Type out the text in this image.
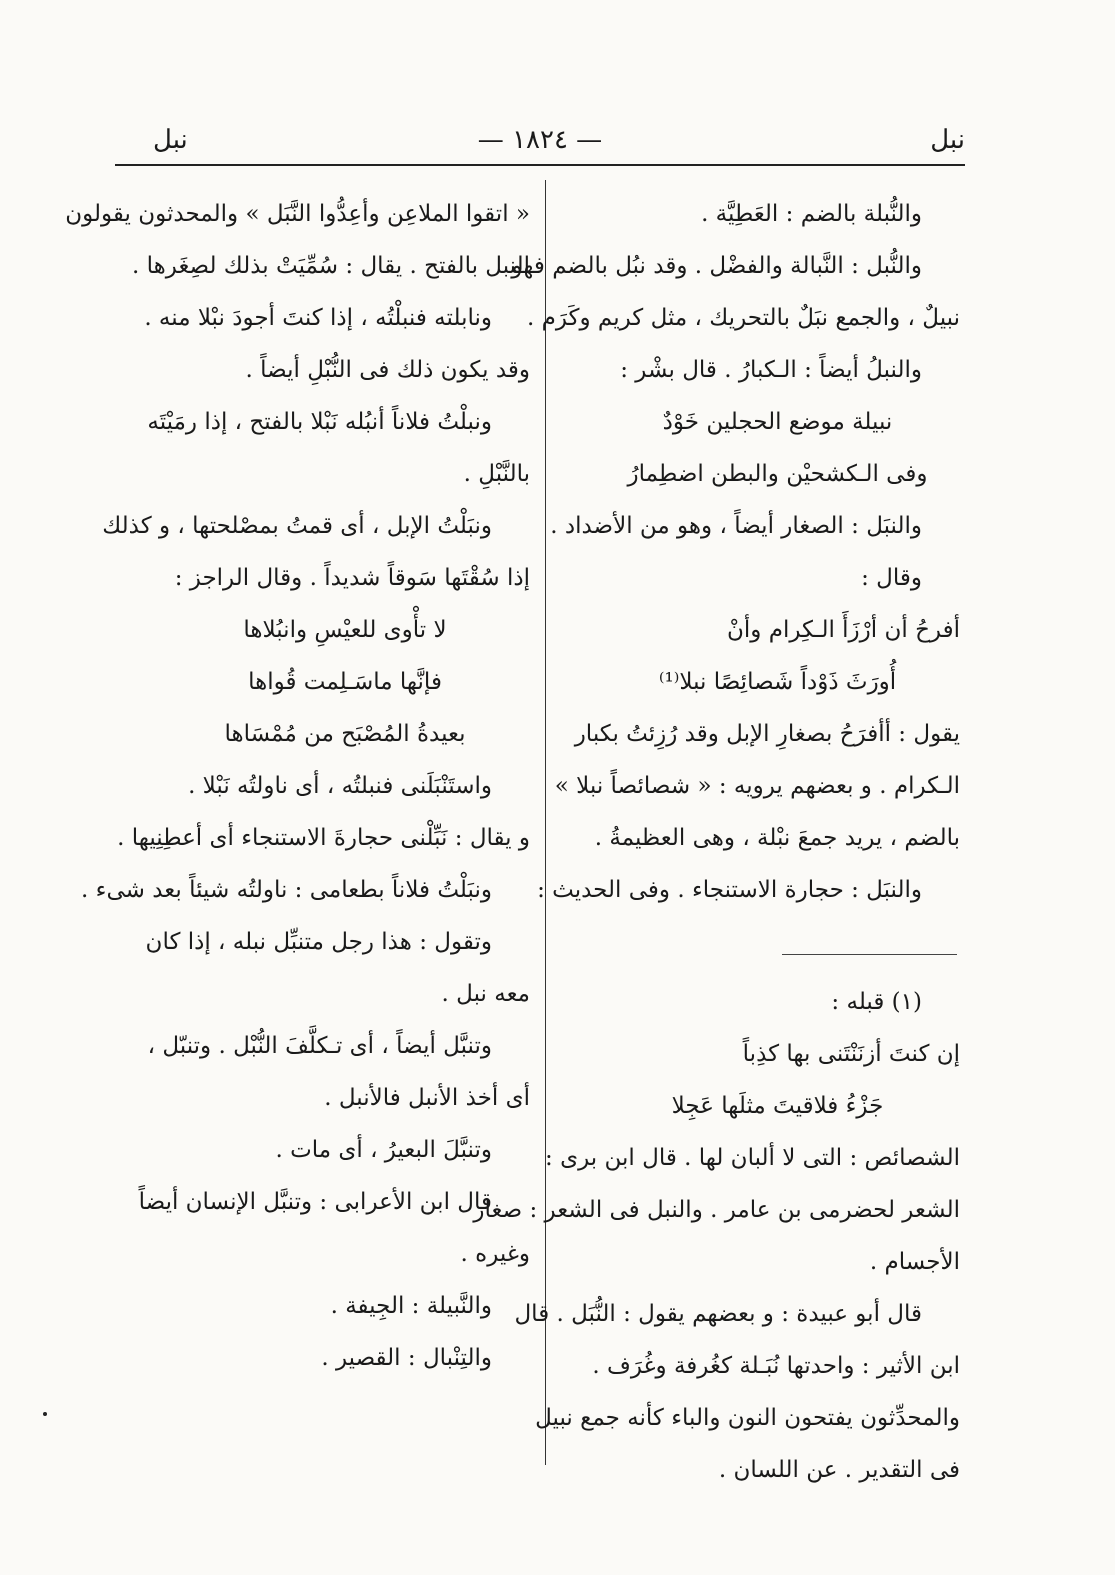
نبل
— ١٨٢٤ —
نبل
والنُّبلة بالضم : العَطِيَّة .
والنُّبل : النَّبالة والفضْل . وقد نبُل بالضم فهو
نبيلٌ ، والجمع نبَلٌ بالتحريك ، مثل كريم وكَرَم .
والنبلُ أيضاً : الـكبارُ . قال بشْر :
نبيلة موضع الحجلين خَوْدٌ
وفى الـكشحيْن والبطن اضطِمارُ
والنبَل : الصغار أيضاً ، وهو من الأضداد .
وقال :
أفرحُ أن أرْزَأَ الـكِرام وأنْ
أُورَثَ ذَوْداً شَصائِصًا نبلا⁽¹⁾
يقول : أأفرَحُ بصغارِ الإبل وقد رُزِئتُ بكبار
الـكرام . و بعضهم يرويه : « شصائصاً نبلا »
بالضم ، يريد جمعَ نبْلة ، وهى العظيمةُ .
والنبَل : حجارة الاستنجاء . وفى الحديث :
(١) قبله :
إن كنتَ أزنَنْتَنى بها كذِباً
جَزْءُ فلاقيتَ مثلَها عَجِلا
الشصائص : التى لا ألبان لها . قال ابن برى :
الشعر لحضرمى بن عامر . والنبل فى الشعر : صغار
الأجسام .
قال أبو عبيدة : و بعضهم يقول : النُّبَل . قال
ابن الأثير : واحدتها نُبَـلة كغُرفة وغُرَف .
والمحدِّثون يفتحون النون والباء كأنه جمع نبيل
فى التقدير . عن اللسان .
« اتقوا الملاعِن وأعِدُّوا النَّبَل » والمحدثون يقولون
النبل بالفتح . يقال : سُمِّيَتْ بذلك لصِغَرها .
ونابلته فنبلْتُه ، إذا كنتَ أجودَ نبْلا منه .
وقد يكون ذلك فى النُّبْلِ أيضاً .
ونبلْتُ فلاناً أنبُله نَبْلا بالفتح ، إذا رمَيْتَه
بالنَّبْلِ .
ونبَلْتُ الإبل ، أى قمتُ بمصْلحتها ، و كذلك
إذا سُقْتَها سَوقاً شديداً . وقال الراجز :
لا تأْوى للعيْسِ وانبُلاها
فإنَّها ماسَـلِمت قُواها
بعيدةُ المُصْبَح من مُمْسَاها
واستَنْبَلَنى فنبلتُه ، أى ناولتُه نَبْلا .
و يقال : نَبِّلْنى حجارةَ الاستنجاء أى أعطِنِيها .
ونبَلْتُ فلاناً بطعامى : ناولتُه شيئاً بعد شىء .
وتقول : هذا رجل متنبِّل نبله ، إذا كان
معه نبل .
وتنبَّل أيضاً ، أى تـكلَّفَ النُّبْل . وتنبّل ،
أى أخذ الأنبل فالأنبل .
وتنبَّلَ البعيرُ ، أى مات .
قال ابن الأعرابى : وتنبَّل الإنسان أيضاً
وغيره .
والنَّبيلة : الجِيفة .
والتِنْبال : القصير .
